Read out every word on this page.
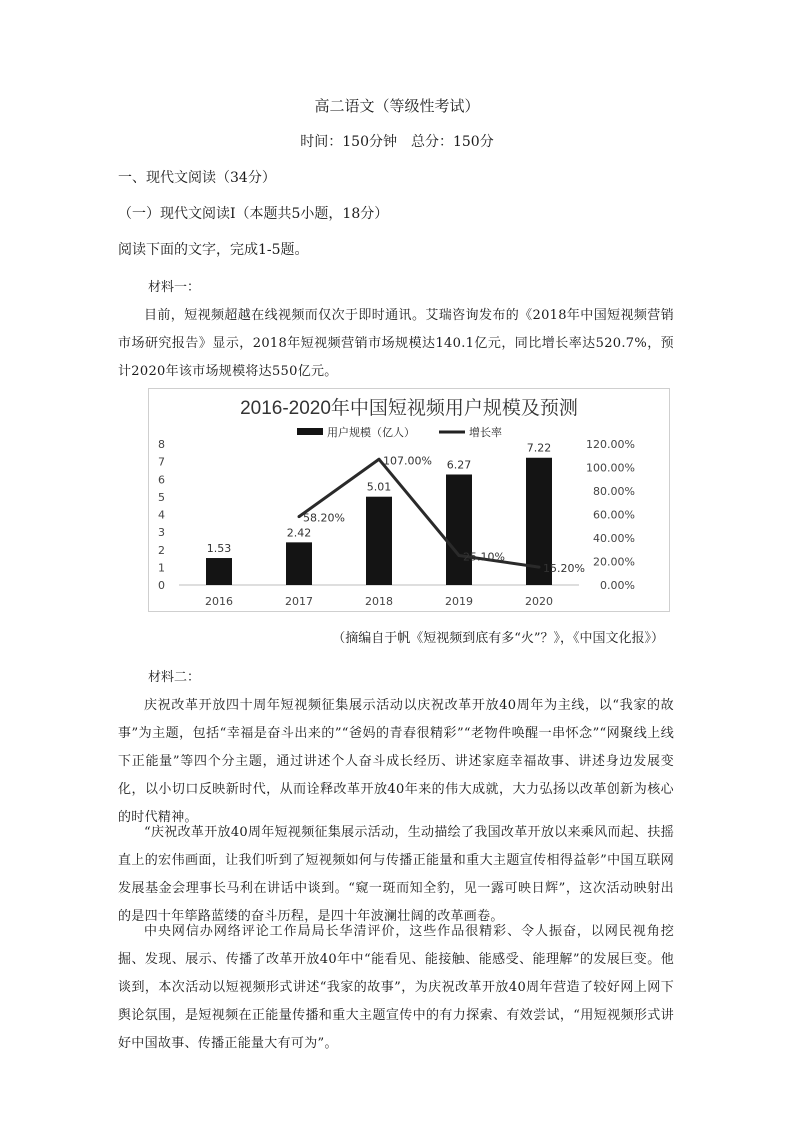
高二语文（等级性考试）
时间：150分钟　总分：150分
一、现代文阅读（34分）
（一）现代文阅读Ⅰ（本题共5小题，18分）
阅读下面的文字，完成1-5题。
材料一：
目前，短视频超越在线视频而仅次于即时通讯。艾瑞咨询发布的《2018年中国短视频营销市场研究报告》显示，2018年短视频营销市场规模达140.1亿元，同比增长率达520.7%，预计2020年该市场规模将达550亿元。
2016-2020年中国短视频用户规模及预测
用户规模（亿人）	增长率
0
1
2
3
4
5
6
7
8
0.00%
20.00%
40.00%
60.00%
80.00%
100.00%
120.00%
2016	2017	2018	2019	2020
1.53
2.42
5.01
6.27
7.22
58.20%
107.00%
25.10%
15.20%
（摘编自于帆《短视频到底有多“火”？》，《中国文化报》）
材料二：
庆祝改革开放四十周年短视频征集展示活动以庆祝改革开放40周年为主线，以“我家的故事”为主题，包括“幸福是奋斗出来的”“爸妈的青春很精彩”“老物件唤醒一串怀念”“网聚线上线下正能量”等四个分主题，通过讲述个人奋斗成长经历、讲述家庭幸福故事、讲述身边发展变化，以小切口反映新时代，从而诠释改革开放40年来的伟大成就，大力弘扬以改革创新为核心的时代精神。
“庆祝改革开放40周年短视频征集展示活动，生动描绘了我国改革开放以来乘风而起、扶摇直上的宏伟画面，让我们听到了短视频如何与传播正能量和重大主题宣传相得益彰”中国互联网发展基金会理事长马利在讲话中谈到。“窥一斑而知全豹，见一露可映日辉”，这次活动映射出的是四十年筚路蓝缕的奋斗历程，是四十年波澜壮阔的改革画卷。
中央网信办网络评论工作局局长华清评价，这些作品很精彩、令人振奋，以网民视角挖掘、发现、展示、传播了改革开放40年中“能看见、能接触、能感受、能理解”的发展巨变。他谈到，本次活动以短视频形式讲述“我家的故事”，为庆祝改革开放40周年营造了较好网上网下舆论氛围，是短视频在正能量传播和重大主题宣传中的有力探索、有效尝试，“用短视频形式讲好中国故事、传播正能量大有可为”。
